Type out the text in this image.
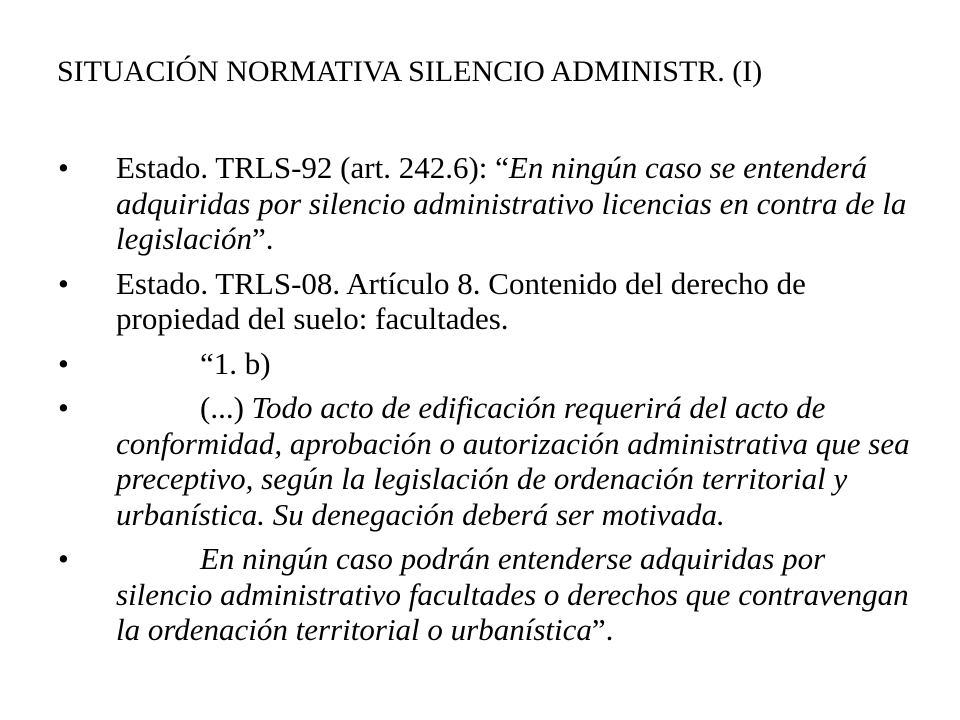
SITUACIÓN NORMATIVA SILENCIO ADMINISTR. (I)
• Estado. TRLS-92 (art. 242.6): “En ningún caso se entenderá adquiridas por silencio administrativo licencias en contra de la legislación”.
• Estado. TRLS-08. Artículo 8. Contenido del derecho de propiedad del suelo: facultades.
•	“1. b)
•	(...) Todo acto de edificación requerirá del acto de conformidad, aprobación o autorización administrativa que sea preceptivo, según la legislación de ordenación territorial y urbanística. Su denegación deberá ser motivada.
•	En ningún caso podrán entenderse adquiridas por silencio administrativo facultades o derechos que contravengan la ordenación territorial o urbanística”.
